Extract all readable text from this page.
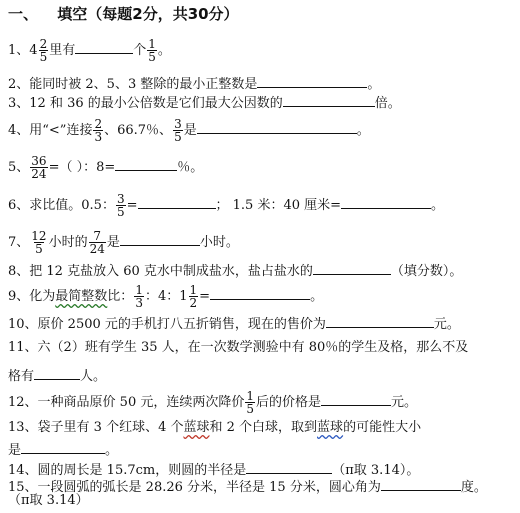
一、 填空（每题2分，共30分）
1、 $4 \frac{2}{5}$ 里有	个 $\frac{1}{5}$ 。
2、能同时被 2、5、3 整除的最小正整数是	。
3、12 和 36 的最小公倍数是它们最大公因数的	倍。
4、用“<”连接 $\frac{2}{3}$ 、66.7％、 $\frac{3}{5}$ 是	。
5、 $\frac{36}{24}$ =（ ）：8=	％。
6、求比值。0.5： $\frac{3}{5}$ =	； 1.5 米：40 厘米=	。
7、 $\frac{12}{5}$ 小时的 $\frac{7}{24}$ 是	小时。
8、把 12 克盐放入 60 克水中制成盐水，盐占盐水的	（填分数）。
9、化为最简整数比： $\frac{1}{3}$ ：4： $1 \frac{1}{2}$ =	。
10、原价 2500 元的手机打八五折销售，现在的售价为	元。
11、六（2）班有学生 35 人，在一次数学测验中有 80％的学生及格，那么不及
格有	人。
12、一种商品原价 50 元，连续两次降价 $\frac{1}{5}$ 后的价格是	元。
13、袋子里有 3 个红球、4 个蓝球和 2 个白球，取到蓝球的可能性大小
是	。
14、圆的周长是 15.7cm，则圆的半径是	（π取 3.14）。
15、一段圆弧的弧长是 28.26 分米，半径是 15 分米，圆心角为	度。
（π取 3.14）
